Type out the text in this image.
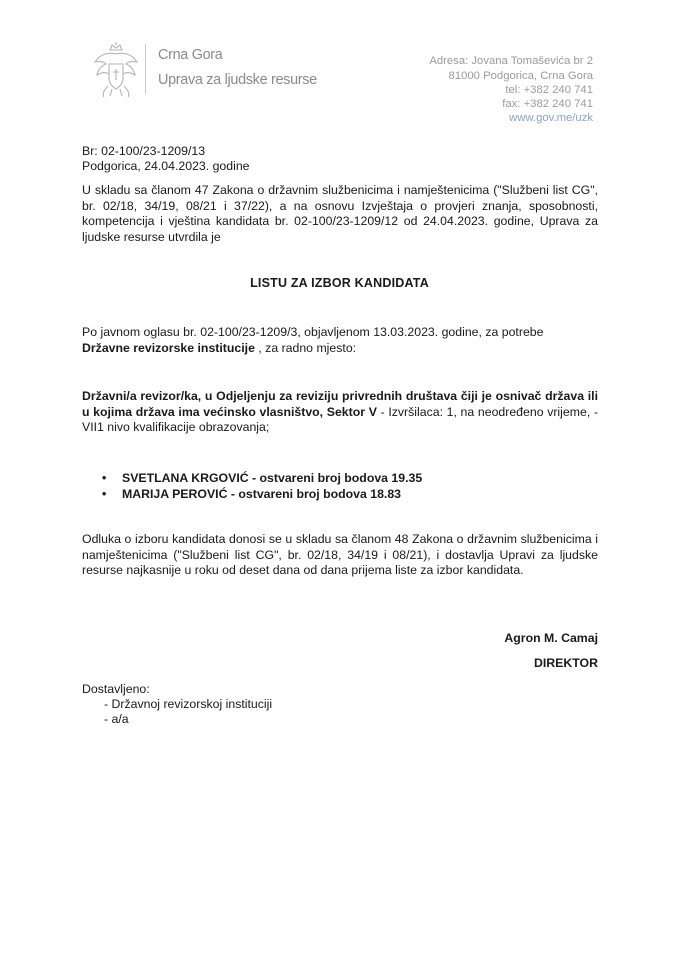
Crna Gora
Uprava za ljudske resurse
Adresa: Jovana Tomaševića br 2
81000 Podgorica, Crna Gora
tel: +382 240 741
fax: +382 240 741
www.gov.me/uzk
Br: 02-100/23-1209/13
Podgorica, 24.04.2023. godine

U skladu sa članom 47 Zakona o državnim službenicima i namještenicima ("Službeni list CG", br. 02/18, 34/19, 08/21 i 37/22), a na osnovu Izvještaja o provjeri znanja, sposobnosti, kompetencija i vještina kandidata br. 02-100/23-1209/12 od 24.04.2023. godine, Uprava za ljudske resurse utvrdila je

LISTU ZA IZBOR KANDIDATA

Po javnom oglasu br. 02-100/23-1209/3, objavljenom 13.03.2023. godine, za potrebe
Državne revizorske institucije , za radno mjesto:

Državni/a revizor/ka, u Odjeljenju za reviziju privrednih društava čiji je osnivač država ili u kojima država ima većinsko vlasništvo, Sektor V - Izvršilaca: 1, na neodređeno vrijeme, - VII1 nivo kvalifikacije obrazovanja;

• SVETLANA KRGOVIĆ - ostvareni broj bodova 19.35
• MARIJA PEROVIĆ - ostvareni broj bodova 18.83

Odluka o izboru kandidata donosi se u skladu sa članom 48 Zakona o državnim službenicima i namještenicima ("Službeni list CG", br. 02/18, 34/19 i 08/21), i dostavlja Upravi za ljudske resurse najkasnije u roku od deset dana od dana prijema liste za izbor kandidata.

Agron M. Camaj
DIREKTOR
Dostavljeno:
- Državnoj revizorskoj instituciji
- a/a
